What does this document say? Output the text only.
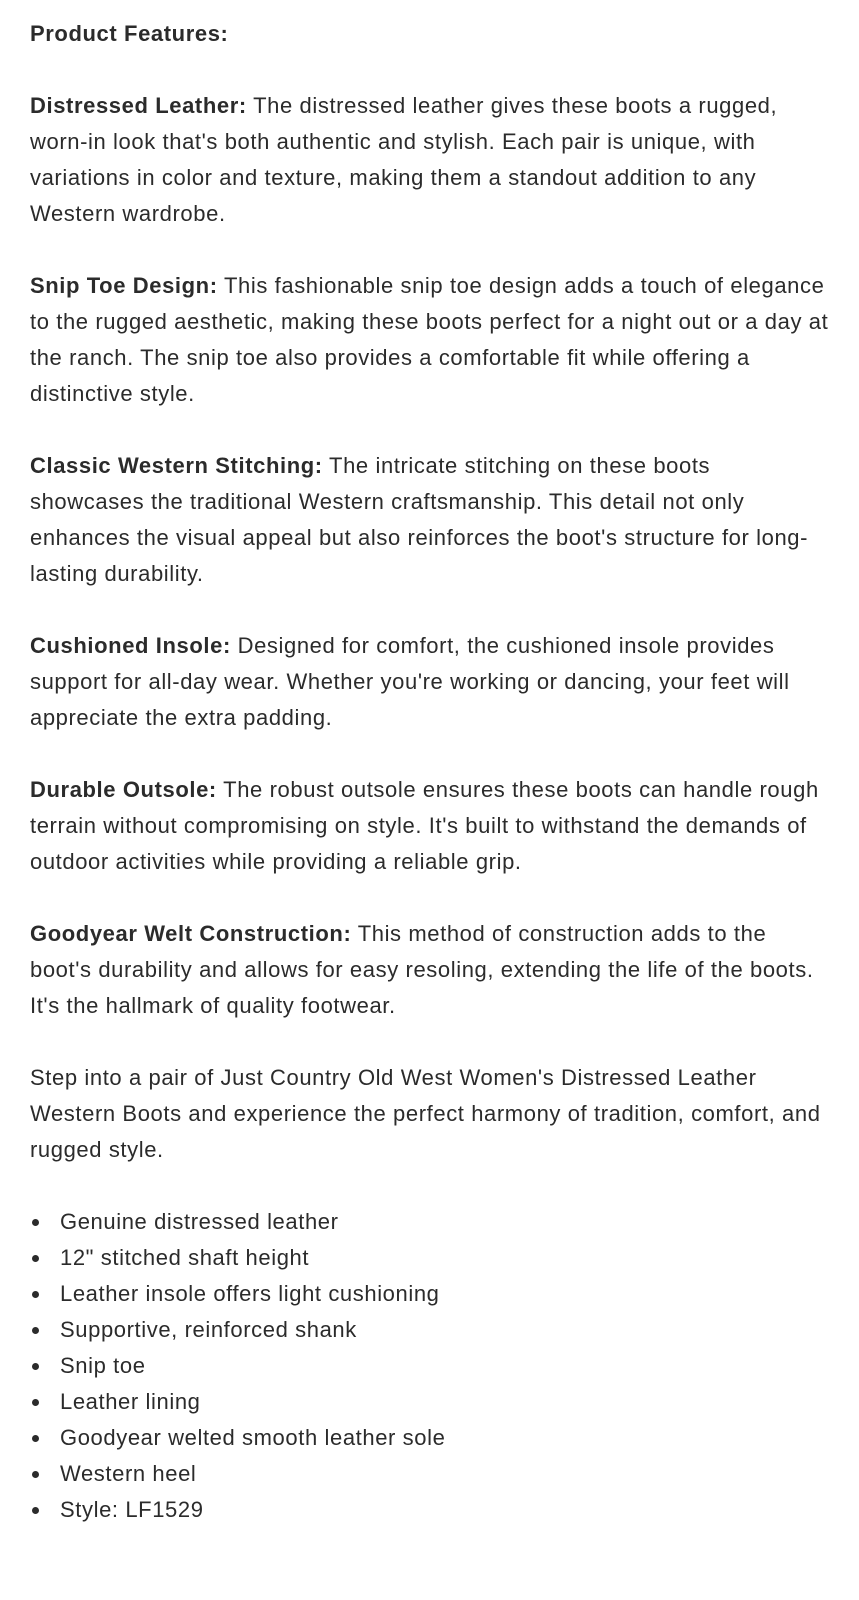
Product Features:

Distressed Leather: The distressed leather gives these boots a rugged, worn-in look that's both authentic and stylish. Each pair is unique, with variations in color and texture, making them a standout addition to any Western wardrobe.

Snip Toe Design: This fashionable snip toe design adds a touch of elegance to the rugged aesthetic, making these boots perfect for a night out or a day at the ranch. The snip toe also provides a comfortable fit while offering a distinctive style.

Classic Western Stitching: The intricate stitching on these boots showcases the traditional Western craftsmanship. This detail not only enhances the visual appeal but also reinforces the boot's structure for long-lasting durability.

Cushioned Insole: Designed for comfort, the cushioned insole provides support for all-day wear. Whether you're working or dancing, your feet will appreciate the extra padding.

Durable Outsole: The robust outsole ensures these boots can handle rough terrain without compromising on style. It's built to withstand the demands of outdoor activities while providing a reliable grip.

Goodyear Welt Construction: This method of construction adds to the boot's durability and allows for easy resoling, extending the life of the boots. It's the hallmark of quality footwear.

Step into a pair of Just Country Old West Women's Distressed Leather Western Boots and experience the perfect harmony of tradition, comfort, and rugged style.

Genuine distressed leather
12" stitched shaft height
Leather insole offers light cushioning
Supportive, reinforced shank
Snip toe
Leather lining
Goodyear welted smooth leather sole
Western heel
Style: LF1529
